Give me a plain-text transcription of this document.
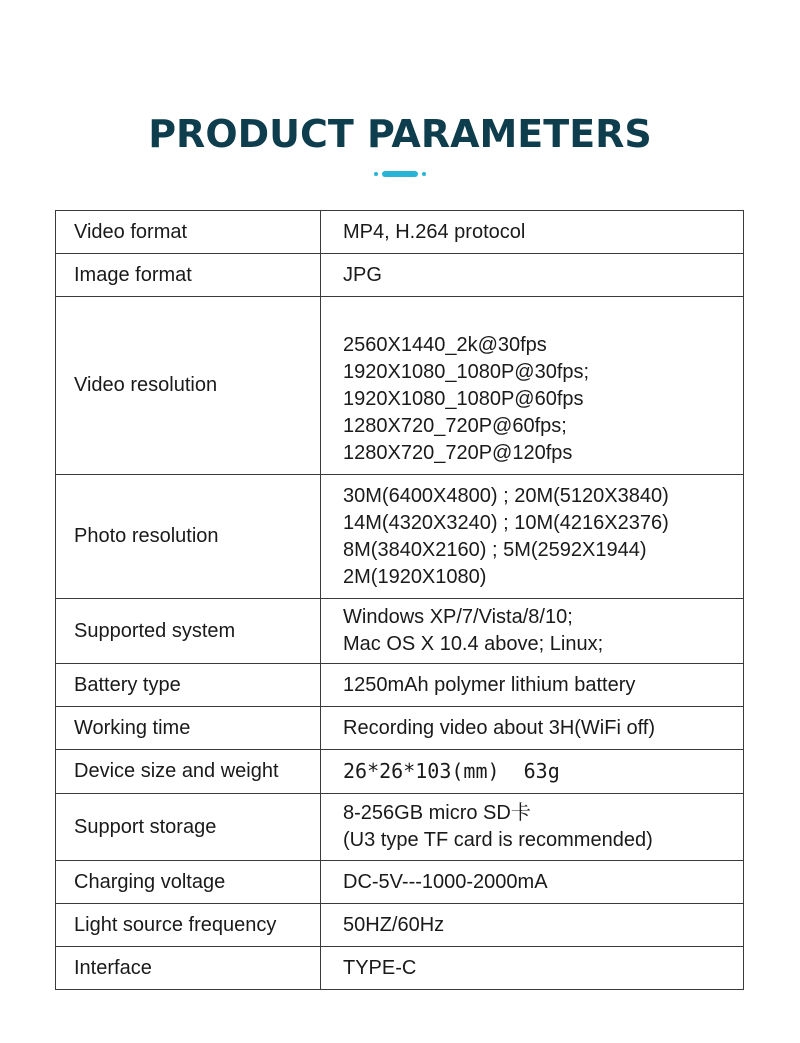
PRODUCT PARAMETERS
Video format	MP4, H.264 protocol

Image format	JPG

Video resolution	2560X1440_2k@30fps
1920X1080_1080P@30fps;
1920X1080_1080P@60fps
1280X720_720P@60fps;
1280X720_720P@120fps

Photo resolution	30M(6400X4800) ; 20M(5120X3840)
14M(4320X3240) ; 10M(4216X2376)
8M(3840X2160) ; 5M(2592X1944)
2M(1920X1080)

Supported system	Windows XP/7/Vista/8/10;
Mac OS X 10.4 above; Linux;

Battery type	1250mAh polymer lithium battery

Working time	Recording video about 3H(WiFi off)

Device size and weight	26*26*103(mm)  63g

Support storage	8-256GB micro SD卡
(U3 type TF card is recommended)

Charging voltage	DC-5V---1000-2000mA

Light source frequency	50HZ/60Hz

Interface	TYPE-C
